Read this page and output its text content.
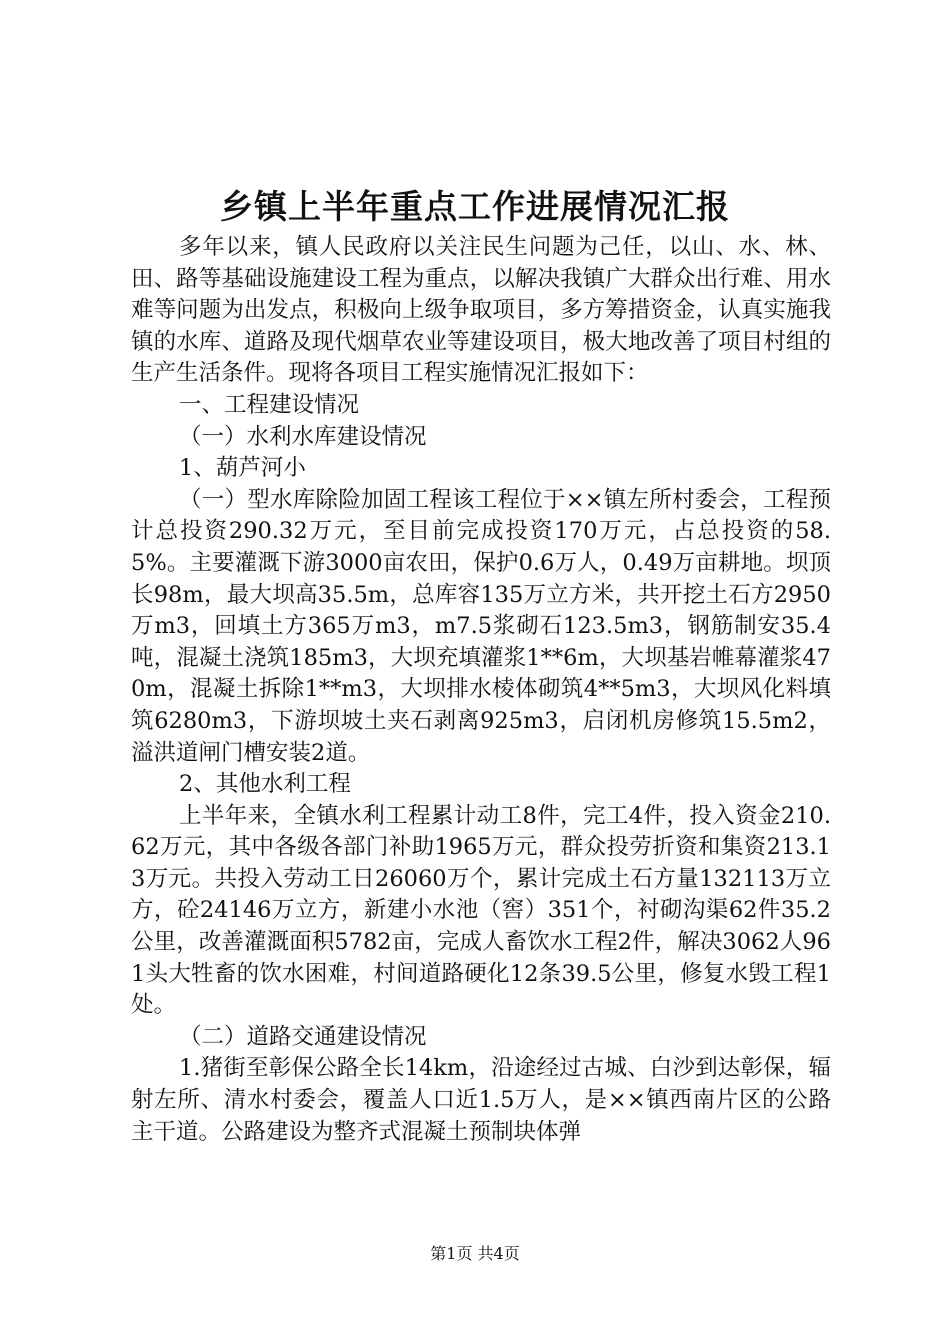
乡镇上半年重点工作进展情况汇报

多年以来，镇人民政府以关注民生问题为己任，以山、水、林、田、路等基础设施建设工程为重点，以解决我镇广大群众出行难、用水难等问题为出发点，积极向上级争取项目，多方筹措资金，认真实施我镇的水库、道路及现代烟草农业等建设项目，极大地改善了项目村组的生产生活条件。现将各项目工程实施情况汇报如下：

一、工程建设情况

（一）水利水库建设情况

1、葫芦河小

（一）型水库除险加固工程该工程位于××镇左所村委会，工程预计总投资290.32万元，至目前完成投资170万元，占总投资的58.5%。主要灌溉下游3000亩农田，保护0.6万人，0.49万亩耕地。坝顶长98m，最大坝高35.5m，总库容135万立方米，共开挖土石方2950万m3，回填土方365万m3，m7.5浆砌石123.5m3，钢筋制安35.4吨，混凝土浇筑185m3，大坝充填灌浆1**6m，大坝基岩帷幕灌浆470m，混凝土拆除1**m3，大坝排水棱体砌筑4**5m3，大坝风化料填筑6280m3，下游坝坡土夹石剥离925m3，启闭机房修筑15.5m2，溢洪道闸门槽安装2道。

2、其他水利工程

上半年来，全镇水利工程累计动工8件，完工4件，投入资金210.62万元，其中各级各部门补助1965万元，群众投劳折资和集资213.13万元。共投入劳动工日26060万个，累计完成土石方量132113万立方，砼24146万立方，新建小水池（窖）351个，衬砌沟渠62件35.2公里，改善灌溉面积5782亩，完成人畜饮水工程2件，解决3062人961头大牲畜的饮水困难，村间道路硬化12条39.5公里，修复水毁工程1处。

（二）道路交通建设情况

1.猪街至彰保公路全长14km，沿途经过古城、白沙到达彰保，辐射左所、清水村委会，覆盖人口近1.5万人，是××镇西南片区的公路主干道。公路建设为整齐式混凝土预制块体弹

第1页 共4页
